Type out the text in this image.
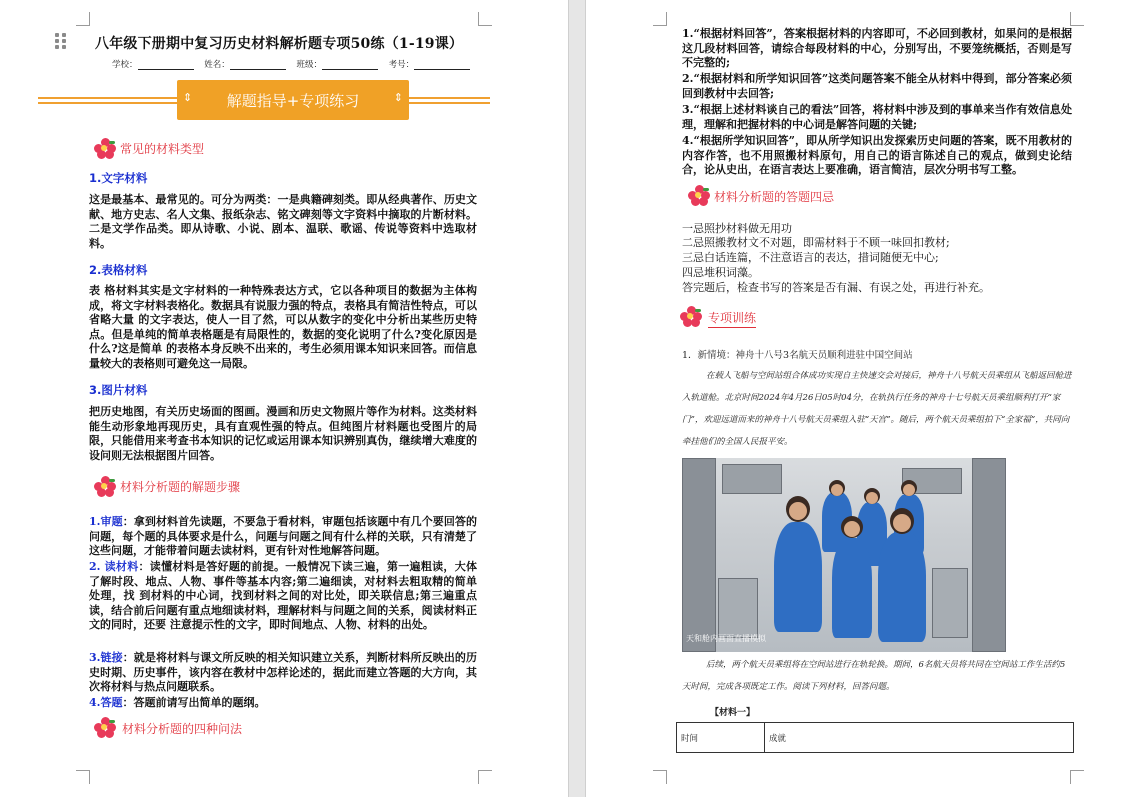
八年级下册期中复习历史材料解析题专项50练（1-19课）
学校：	姓名：	班级：	考号：
⇕ 解题指导+专项练习	⇕
常见的材料类型
1.文字材料
这是最基本、最常见的。可分为两类：一是典籍碑刻类。即从经典著作、历史文献、地方史志、名人文集、报纸杂志、铭文碑刻等文字资料中摘取的片断材料。二是文学作品类。即从诗歌、小说、剧本、温联、歌谣、传说等资料中选取材料。
2.表格材料
表 格材料其实是文字材料的一种特殊表达方式，它以各种项目的数据为主体构成，将文字材料表格化。数据具有说服力强的特点，表格具有简洁性特点，可以省略大量 的文字表达，使人一目了然，可以从数字的变化中分析出某些历史特点。但是单纯的简单表格题是有局限性的，数据的变化说明了什么?变化原因是什么?这是简单 的表格本身反映不出来的，考生必须用课本知识来回答。而信息量较大的表格则可避免这一局限。
3.图片材料
把历史地图，有关历史场面的图画。漫画和历史文物照片等作为材料。这类材料能生动形象地再现历史，具有直观性强的特点。但纯图片材料题也受图片的局限，只能借用来考查书本知识的记忆或运用课本知识辨别真伪，继续增大难度的设问则无法根据图片回答。
材料分析题的解题步骤
1.审题：拿到材料首先读题，不要急于看材料，审题包括该题中有几个要回答的问题，每个题的具体要求是什么，问题与问题之间有什么样的关联，只有清楚了这些问题，才能带着问题去读材料，更有针对性地解答问题。
2. 读材料：读懂材料是答好题的前提。一般情况下读三遍，第一遍粗读，大体了解时段、地点、人物、事件等基本内容;第二遍细读，对材料去粗取精的简单处理，找 到材料的中心词，找到材料之间的对比处，即关联信息;第三遍重点读，结合前后问题有重点地细读材料，理解材料与问题之间的关系，阅读材料正文的同时，还要 注意提示性的文字，即时间地点、人物、材料的出处。
3.链接：就是将材料与课文所反映的相关知识建立关系，判断材料所反映出的历史时期、历史事件，该内容在教材中怎样论述的，据此而建立答题的大方向，其次将材料与热点问题联系。
4.答题：答题前请写出简单的题纲。
材料分析题的四种问法
1.“根据材料回答”，答案根据材料的内容即可，不必回到教材，如果问的是根据这几段材料回答，请综合每段材料的中心，分别写出，不要笼统概括，否则是写不完整的;
2.“根据材料和所学知识回答”这类问题答案不能全从材料中得到，部分答案必须回到教材中去回答;
3.“根据上述材料谈自己的看法”回答，将材料中涉及到的事单来当作有效信息处理，理解和把握材料的中心词是解答问题的关键;
4.“根据所学知识回答”，即从所学知识出发探索历史问题的答案，既不用教材的内容作答，也不用照搬材料原句，用自己的语言陈述自己的观点，做到史论结合，论从史出，在语言表达上要准确，语言简洁，层次分明书写工整。
材料分析题的答题四忌
一忌照抄材料做无用功
二忌照搬教材文不对题，即需材料于不顾一味回扣教材;
三忌白话连篇，不注意语言的表达，措词随便无中心;
四忌堆积词藻。
答完题后，检查书写的答案是否有漏、有误之处，再进行补充。
专项训练
1．新情境：神舟十八号3名航天员顺利进驻中国空间站
在载人飞船与空间站组合体成功实现自主快速交会对接后，神舟十八号航天员乘组从飞船返回舱进入轨道舱。北京时间2024年4月26日05时04分，在轨执行任务的神舟十七号航天员乘组顺利打开“家门”，欢迎远道而来的神舟十八号航天员乘组入驻“天宫”。随后，两个航天员乘组拍下“全家福”，共同向牵挂他们的全国人民报平安。
天和舱内画面直播模拟
后续，两个航天员乘组将在空间站进行在轨轮换。期间，6名航天员将共同在空间站工作生活约5天时间，完成各项既定工作。阅读下列材料，回答问题。
【材料一】
时间	成就
